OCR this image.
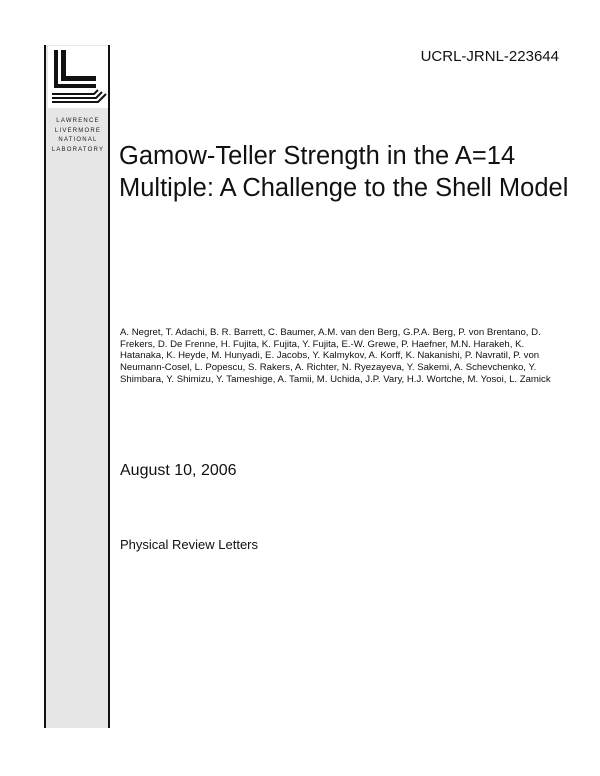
LAWRENCE
LIVERMORE
NATIONAL
LABORATORY
UCRL-JRNL-223644
Gamow-Teller Strength in the A=14 Multiple: A Challenge to the Shell Model
A. Negret, T. Adachi, B. R. Barrett, C. Baumer, A.M. van den Berg, G.P.A. Berg, P. von Brentano, D. Frekers, D. De Frenne, H. Fujita, K. Fujita, Y. Fujita, E.-W. Grewe, P. Haefner, M.N. Harakeh, K. Hatanaka, K. Heyde, M. Hunyadi, E. Jacobs, Y. Kalmykov, A. Korff, K. Nakanishi, P. Navratil, P. von Neumann-Cosel, L. Popescu, S. Rakers, A. Richter, N. Ryezayeva, Y. Sakemi, A. Schevchenko, Y. Shimbara, Y. Shimizu, Y. Tameshige, A. Tamii, M. Uchida, J.P. Vary, H.J. Wortche, M. Yosoi, L. Zamick
August 10, 2006
Physical Review Letters
